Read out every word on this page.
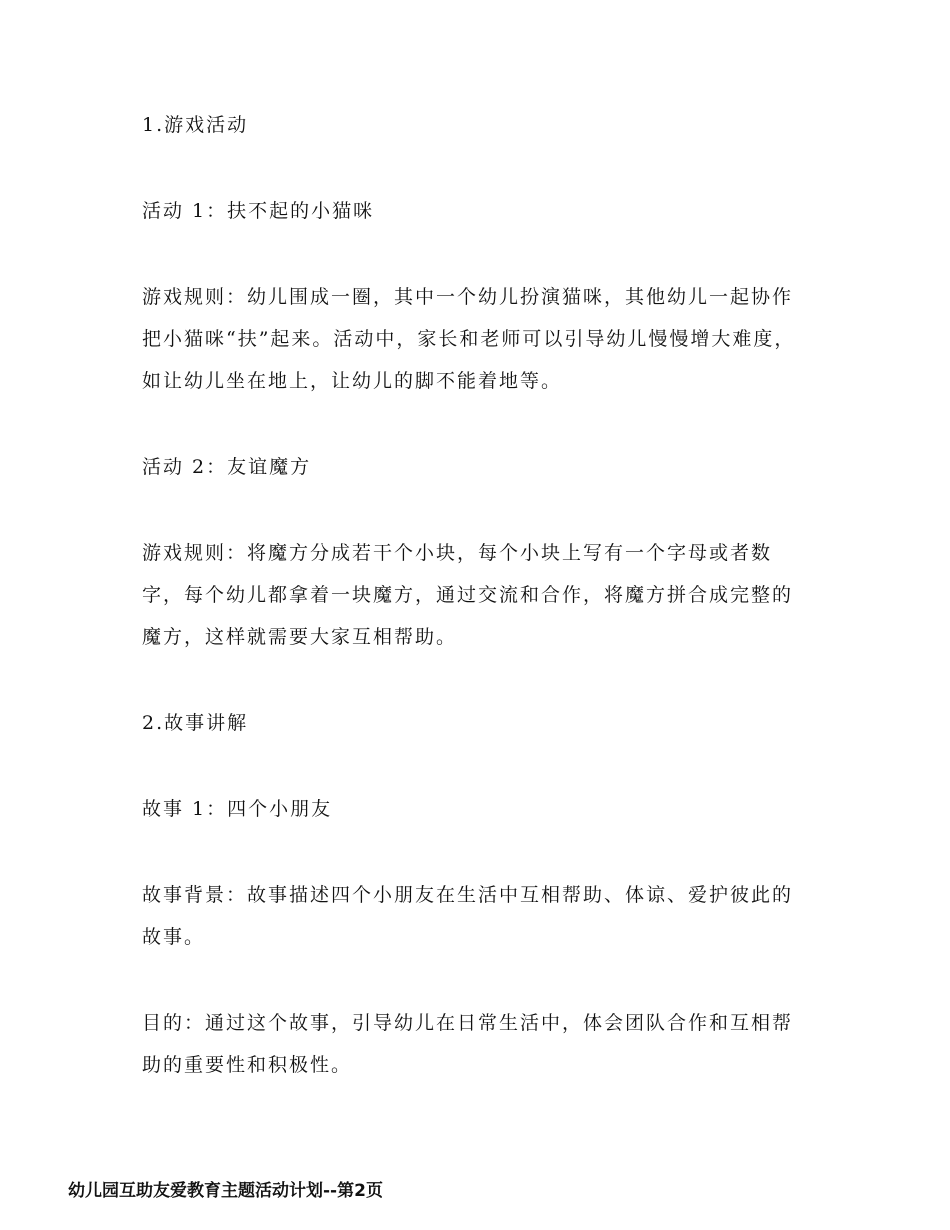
1.游戏活动

活动 1：扶不起的小猫咪

游戏规则：幼儿围成一圈，其中一个幼儿扮演猫咪，其他幼儿一起协作把小猫咪“扶”起来。活动中，家长和老师可以引导幼儿慢慢增大难度，如让幼儿坐在地上，让幼儿的脚不能着地等。

活动 2：友谊魔方

游戏规则：将魔方分成若干个小块，每个小块上写有一个字母或者数字，每个幼儿都拿着一块魔方，通过交流和合作，将魔方拼合成完整的魔方，这样就需要大家互相帮助。

2.故事讲解

故事 1：四个小朋友

故事背景：故事描述四个小朋友在生活中互相帮助、体谅、爱护彼此的故事。

目的：通过这个故事，引导幼儿在日常生活中，体会团队合作和互相帮助的重要性和积极性。

幼儿园互助友爱教育主题活动计划--第2页
